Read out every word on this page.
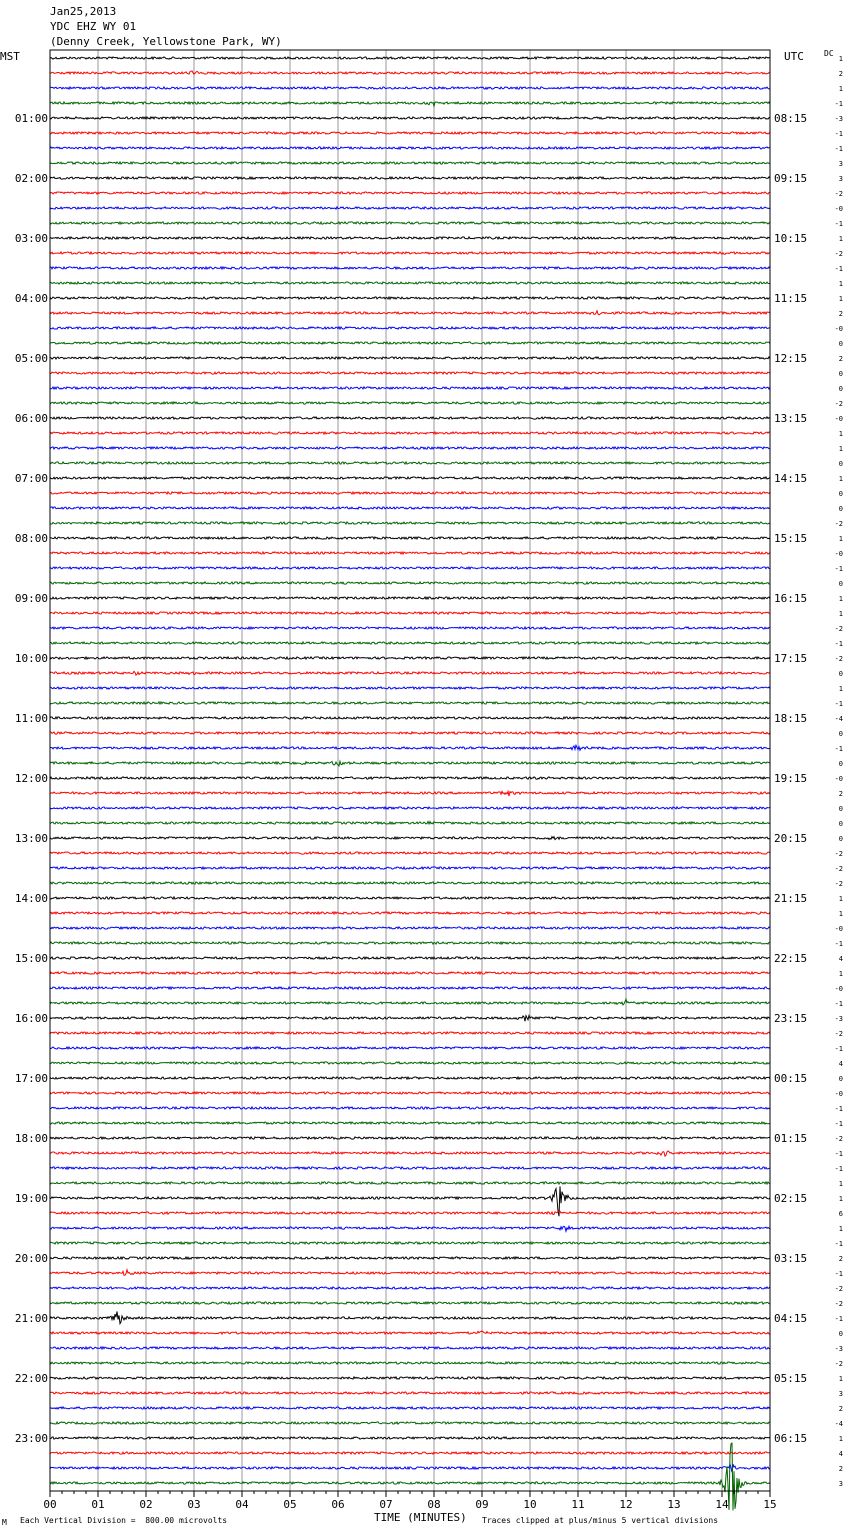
00	01	02	03	04	05	06	07	08	09	10	11	12	13	14	15
1
2
1
-1
-3
-1
-1
3
3
-2
-0
-1
1
-2
-1
1
1
2
-0
0
2
0
0
-2
-0
1
1
0
1
0
0
-2
1
-0
-1
0
1
1
-2
-1
-2
0
1
-1
-4
0
-1
0
-0
2
0
0
0
-2
-2
-2
1
1
-0
-1
4
1
-0
-1
-3
-2
-1
4
0
-0
-1
-1
-2
-1
-1
1
1
6
1
-1
2
-1
-2
-2
-1
0
-3
-2
1
3
2
-4
1
4
2
3
01:00
02:00
03:00
04:00
05:00
06:00
07:00
08:00
09:00
10:00
11:00
12:00
13:00
14:00
15:00
16:00
17:00
18:00
19:00
20:00
21:00
22:00
23:00
08:15
09:15
10:15
11:15
12:15
13:15
14:15
15:15
16:15
17:15
18:15
19:15
20:15
21:15
22:15
23:15
00:15
01:15
02:15
03:15
04:15
05:15
06:15
Jan25,2013
YDC EHZ WY 01
(Denny Creek, Yellowstone Park, WY)
MST	UTC	DC
M Each Vertical Division =  800.00 microvolts	TIME (MINUTES) Traces clipped at plus/minus 5 vertical divisions
